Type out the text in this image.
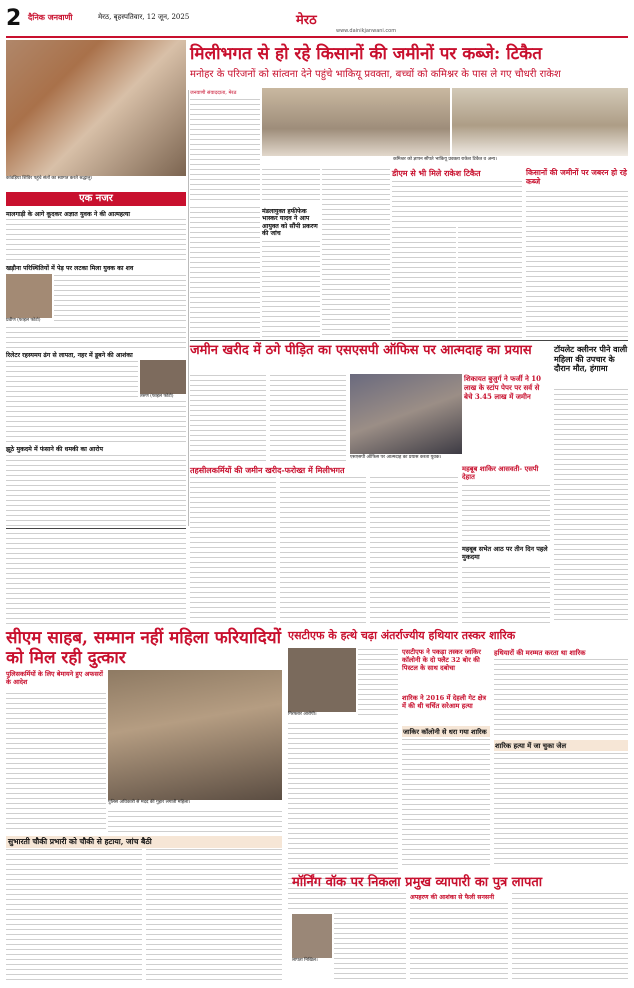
2 दैनिक जनवाणी	मेरठ, बृहस्पतिवार, 12 जून, 2025	मेरठ
www.dainikjanwani.com
मिलीभगत से हो रहे किसानों की जमीनों पर कब्जे: टिकैत
मनोहर के परिजनों को सांत्वना देने पहुंचे भाकियू प्रवक्ता, बच्चों को कमिश्नर के पास ले गए चौधरी राकेश
कांवड़िया शिविर पहुंचे संतों का स्वागत करते श्रद्धालु।
जनवाणी संवाददाता, मेरठ
कमिश्नर को ज्ञापन सौंपते भाकियू प्रवक्ता राकेश टिकैत व अन्य।
एक नजर
मालगाड़ी के आगे कूदकर अज्ञात युवक ने की आत्महत्या
खड़ौना परिस्थितियों में पेड़ पर लटका मिला युवक का शव
प्रवीण (फाइल फोटो)
रिलेटर रहस्यमय ढंग से लापता, नहर में डूबने की आशंका
तरुण (फाइल फोटो)
झूठे मुकदमे में फंसाने की धमकी का आरोप
मंडलायुक्त हफीफेक भास्कर यादव ने आप आयुक्त को सौंपी प्रकरण की जांच
डीएम से भी मिले राकेश टिकैत	किसानों की जमीनों पर जबरन हो रहे कब्जे
जमीन खरीद में ठगे पीड़ित का एसएसपी ऑफिस पर आत्मदाह का प्रयास	टॉयलेट क्लीनर पीने वाली महिला की उपचार के दौरान मौत, हंगामा
शिकायत बुजुर्ग ने फर्जी ने 10 लाख के स्टांप पेपर पर सर्व से बेचे 3.45 लाख में जमीन
एसएसपी ऑफिस पर आत्मदाह का प्रयास करता युवक।
तहसीलकर्मियों की जमीन खरीद-फरोख्त में मिलीभगत	महबूब शाकिर आसवती- एसपी देहात
महबूब सभेत आठ पर तीन दिन पहले मुकदमा
सीएम साहब, सम्मान नहीं महिला फरियादियों को मिल रही दुत्कार
पुलिसकर्मियों के लिए बेमायने हुए अफसरों के आदेश
पुलिस अधिकारी से मदद की गुहार लगाती महिला।
एसटीएफ के हत्थे चढ़ा अंतर्राज्यीय हथियार तस्कर शारिक
गिरफ्तार आरोपी।
एसटीएफ ने पकड़ा तस्कर जाकिर कॉलोनी के दो फ्लैट 32 बोर की पिस्टल के साथ दबोचा
शारिक ने 2016 में देहली गेट क्षेत्र में की थी चर्चित सरेआम हत्या
जाकिर कॉलोनी से धरा गया शारिक
हथियारों की मरम्मत करता था शारिक
शारिक हत्या में जा चुका जेल
सुभारती चौकी प्रभारी को चौकी से हटाया, जांच बैठी
मॉर्निंग वॉक पर निकला प्रमुख व्यापारी का पुत्र लापता
लापता निखिल।
अपहरण की आशंका से फैली सनसनी
